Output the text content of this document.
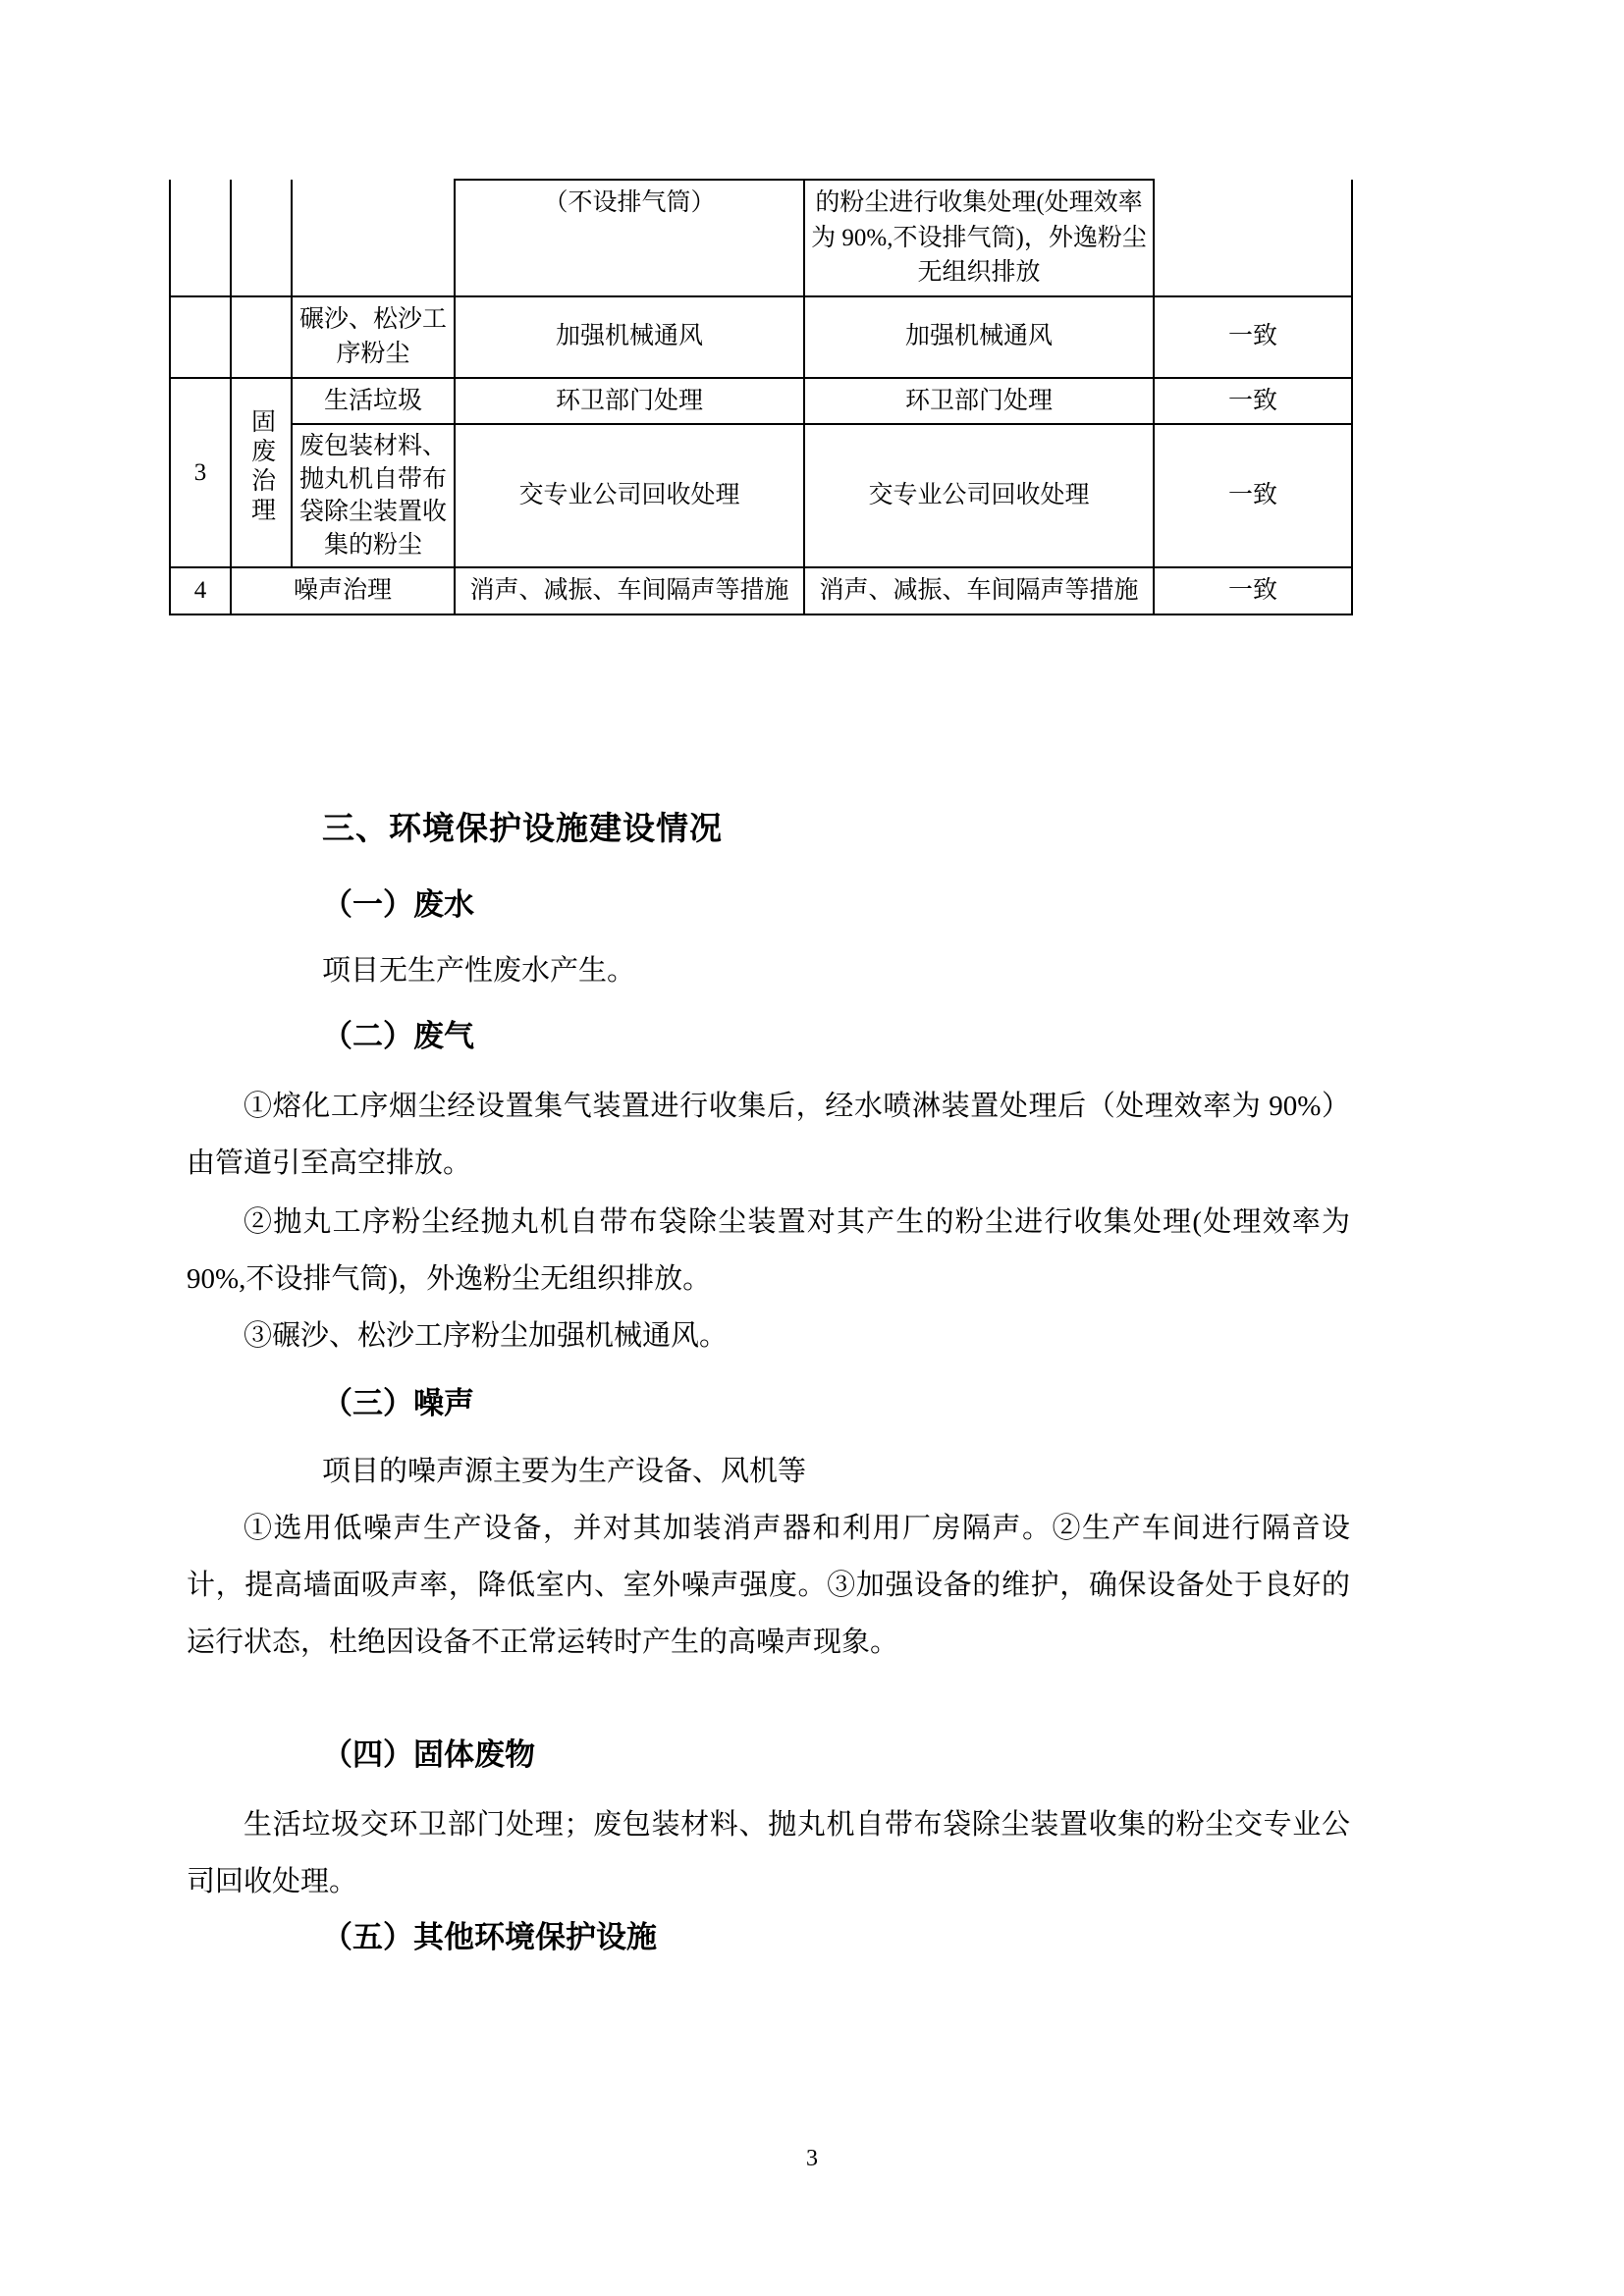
			（不设排气筒）	的粉尘进行收集处理(处理效率为 90%,不设排气筒)，外逸粉尘无组织排放	
		碾沙、松沙工序粉尘	加强机械通风	加强机械通风	一致
3	固废治理	生活垃圾	环卫部门处理	环卫部门处理	一致
		废包装材料、抛丸机自带布袋除尘装置收集的粉尘	交专业公司回收处理	交专业公司回收处理	一致
4	噪声治理		消声、减振、车间隔声等措施	消声、减振、车间隔声等措施	一致
三、环境保护设施建设情况
（一）废水
项目无生产性废水产生。
（二）废气
①熔化工序烟尘经设置集气装置进行收集后，经水喷淋装置处理后（处理效率为 90%）由管道引至高空排放。
②抛丸工序粉尘经抛丸机自带布袋除尘装置对其产生的粉尘进行收集处理(处理效率为 90%,不设排气筒)，外逸粉尘无组织排放。
③碾沙、松沙工序粉尘加强机械通风。
（三）噪声
项目的噪声源主要为生产设备、风机等
①选用低噪声生产设备，并对其加装消声器和利用厂房隔声。②生产车间进行隔音设计，提高墙面吸声率，降低室内、室外噪声强度。③加强设备的维护，确保设备处于良好的运行状态，杜绝因设备不正常运转时产生的高噪声现象。
（四）固体废物
生活垃圾交环卫部门处理；废包装材料、抛丸机自带布袋除尘装置收集的粉尘交专业公司回收处理。
（五）其他环境保护设施
3
